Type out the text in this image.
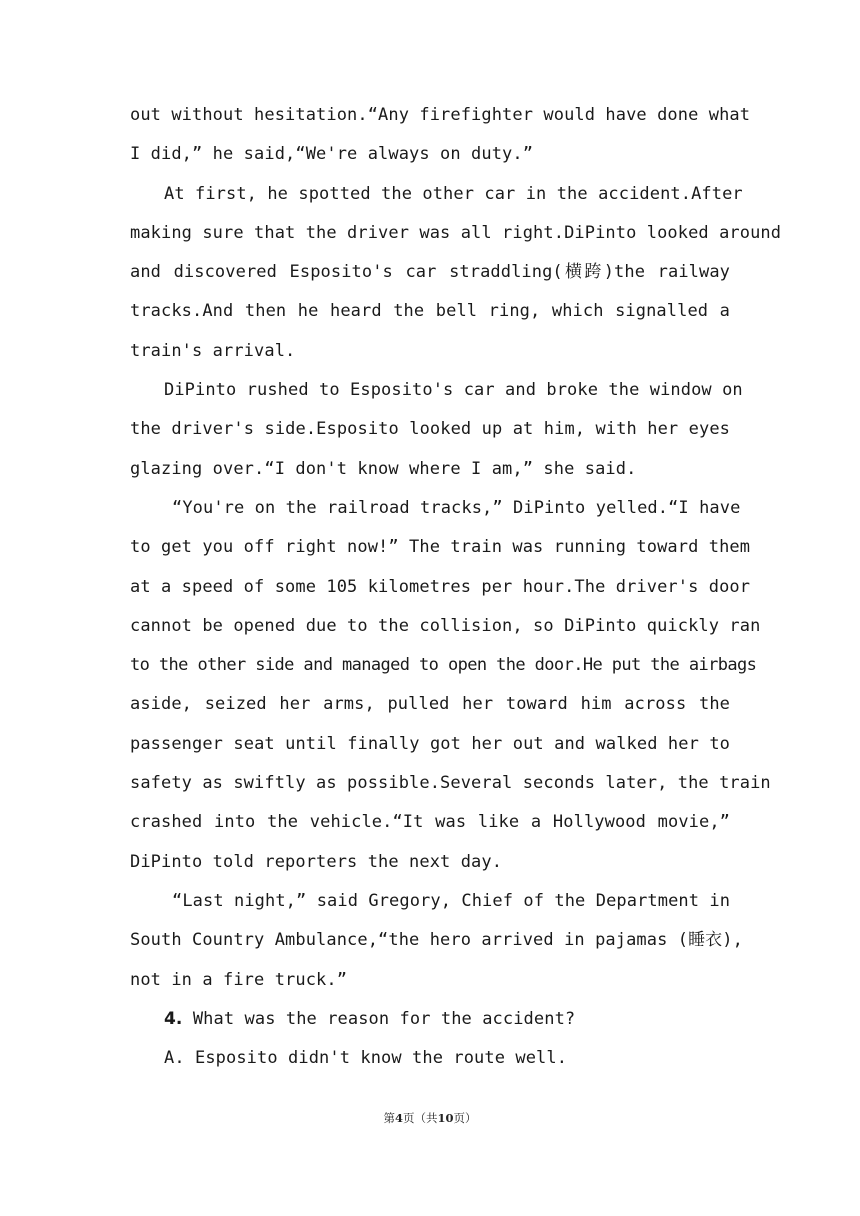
out without hesitation.“Any firefighter would have done what
I did,” he said,“We're always on duty.”
At first, he spotted the other car in the accident.After
making sure that the driver was all right.DiPinto looked around
and discovered Esposito's car straddling(横跨)the railway
tracks.And then he heard the bell ring, which signalled a
train's arrival.
DiPinto rushed to Esposito's car and broke the window on
the driver's side.Esposito looked up at him, with her eyes
glazing over.“I don't know where I am,” she said.
“You're on the railroad tracks,” DiPinto yelled.“I have
to get you off right now!” The train was running toward them
at a speed of some 105 kilometres per hour.The driver's door
cannot be opened due to the collision, so DiPinto quickly ran
to the other side and managed to open the door.He put the airbags
aside, seized her arms, pulled her toward him across the
passenger seat until finally got her out and walked her to
safety as swiftly as possible.Several seconds later, the train
crashed into the vehicle.“It was like a Hollywood movie,”
DiPinto told reporters the next day.
“Last night,” said Gregory, Chief of the Department in
South Country Ambulance,“the hero arrived in pajamas (睡衣),
not in a fire truck.”
4. What was the reason for the accident?
A. Esposito didn't know the route well.
第4页（共10页）
